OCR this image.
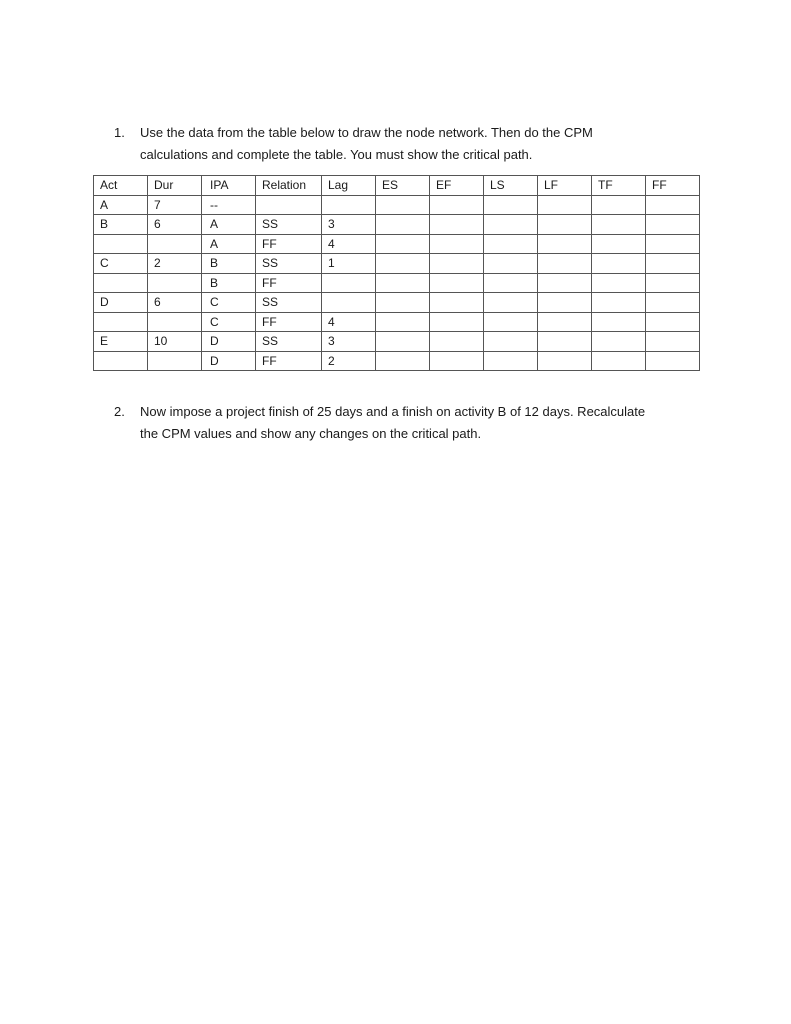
1.	Use the data from the table below to draw the node network. Then do the CPM
calculations and complete the table. You must show the critical path.
Act	Dur	IPA	Relation	Lag	ES	EF	LS	LF	TF	FF
A	7	--								
B	6	A	SS	3						
		A	FF	4						
C	2	B	SS	1						
		B	FF							
D	6	C	SS							
		C	FF	4						
E	10	D	SS	3						
		D	FF	2						
2.	Now impose a project finish of 25 days and a finish on activity B of 12 days. Recalculate
the CPM values and show any changes on the critical path.
